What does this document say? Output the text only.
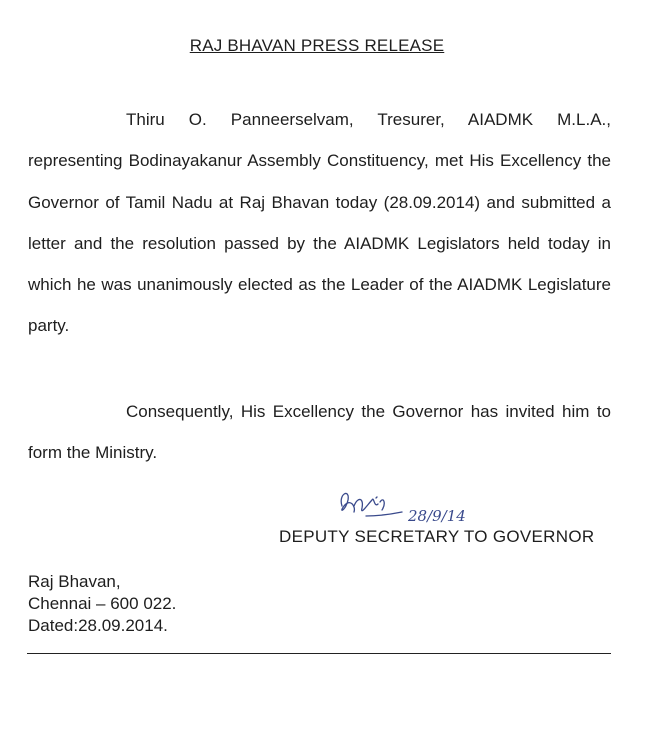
RAJ BHAVAN PRESS RELEASE
Thiru O. Panneerselvam, Tresurer, AIADMK M.L.A., representing Bodinayakanur Assembly Constituency, met His Excellency the Governor of Tamil Nadu at Raj Bhavan today (28.09.2014) and submitted a letter and the resolution passed by the AIADMK Legislators held today in which he was unanimously elected as the Leader of the AIADMK Legislature party.
Consequently, His Excellency the Governor has invited him to form the Ministry.
28/9/14
DEPUTY SECRETARY TO GOVERNOR
Raj Bhavan,
Chennai – 600 022.
Dated:28.09.2014.
